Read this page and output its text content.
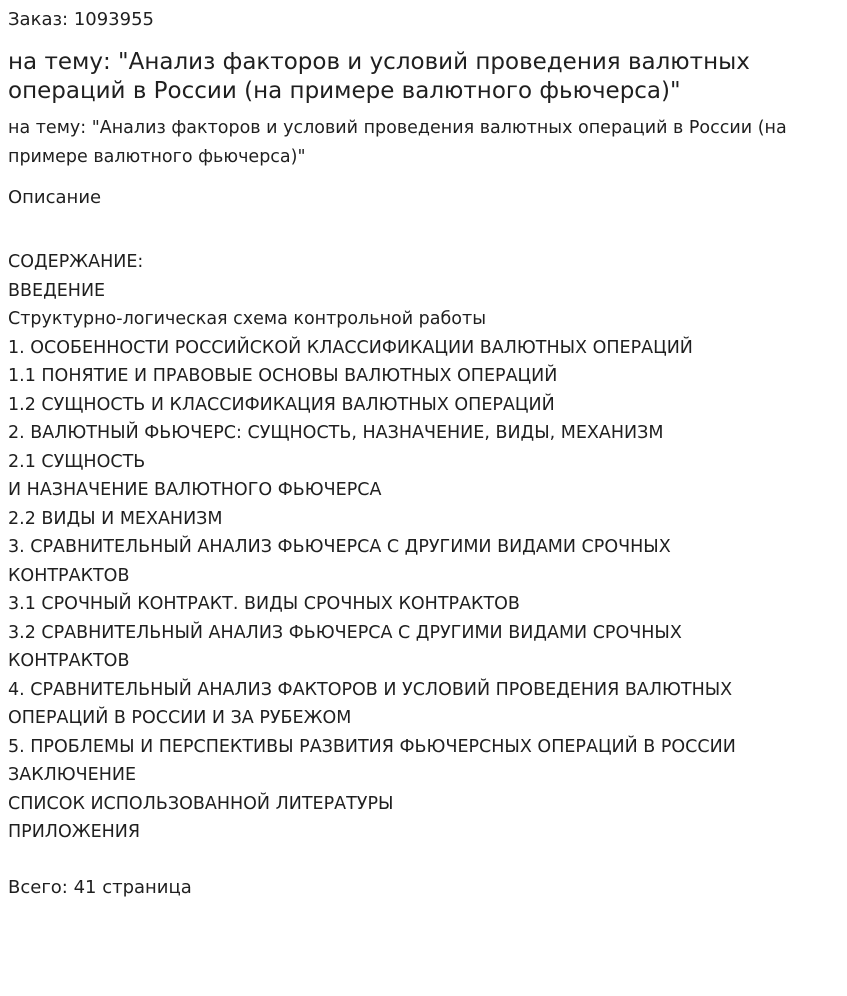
Заказ: 1093955
на тему: "Анализ факторов и условий проведения валютных операций в России (на примере валютного фьючерса)"

на тему: "Анализ факторов и условий проведения валютных операций в России (на примере валютного фьючерса)"

Описание
СОДЕРЖАНИЕ:
ВВЕДЕНИЕ
Структурно-логическая схема контрольной работы
1. ОСОБЕННОСТИ РОССИЙСКОЙ КЛАССИФИКАЦИИ ВАЛЮТНЫХ ОПЕРАЦИЙ
1.1 ПОНЯТИЕ И ПРАВОВЫЕ ОСНОВЫ ВАЛЮТНЫХ ОПЕРАЦИЙ
1.2 СУЩНОСТЬ И КЛАССИФИКАЦИЯ ВАЛЮТНЫХ ОПЕРАЦИЙ
2. ВАЛЮТНЫЙ ФЬЮЧЕРС: СУЩНОСТЬ, НАЗНАЧЕНИЕ, ВИДЫ, МЕХАНИЗМ
2.1 СУЩНОСТЬ
И НАЗНАЧЕНИЕ ВАЛЮТНОГО ФЬЮЧЕРСА
2.2 ВИДЫ И МЕХАНИЗМ
3. СРАВНИТЕЛЬНЫЙ АНАЛИЗ ФЬЮЧЕРСА С ДРУГИМИ ВИДАМИ СРОЧНЫХ
КОНТРАКТОВ
3.1 СРОЧНЫЙ КОНТРАКТ. ВИДЫ СРОЧНЫХ КОНТРАКТОВ
3.2 СРАВНИТЕЛЬНЫЙ АНАЛИЗ ФЬЮЧЕРСА С ДРУГИМИ ВИДАМИ СРОЧНЫХ
КОНТРАКТОВ
4. СРАВНИТЕЛЬНЫЙ АНАЛИЗ ФАКТОРОВ И УСЛОВИЙ ПРОВЕДЕНИЯ ВАЛЮТНЫХ
ОПЕРАЦИЙ В РОССИИ И ЗА РУБЕЖОМ
5. ПРОБЛЕМЫ И ПЕРСПЕКТИВЫ РАЗВИТИЯ ФЬЮЧЕРСНЫХ ОПЕРАЦИЙ В РОССИИ
ЗАКЛЮЧЕНИЕ
СПИСОК ИСПОЛЬЗОВАННОЙ ЛИТЕРАТУРЫ
ПРИЛОЖЕНИЯ
Всего: 41 страница
